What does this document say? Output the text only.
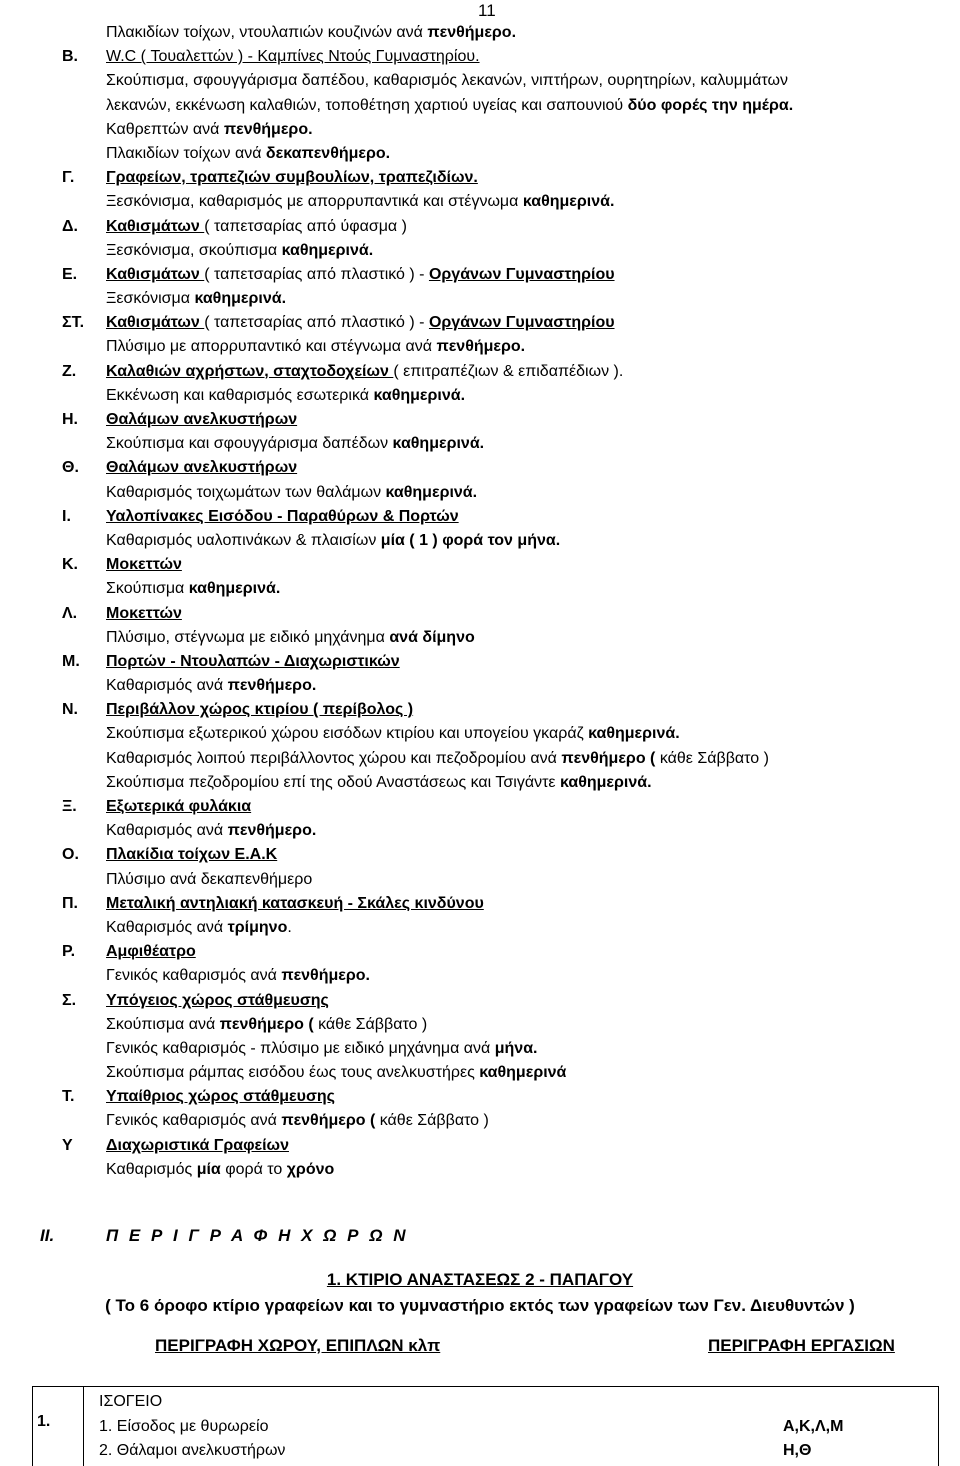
11
Πλακιδίων τοίχων, ντουλαπιών κουζινών ανά πενθήμερο.
Β. W.C ( Τουαλεττών ) - Καμπίνες Ντούς Γυμναστηρίου.
Σκούπισμα, σφουγγάρισμα δαπέδου, καθαρισμός λεκανών, νιπτήρων, ουρητηρίων, καλυμμάτων
λεκανών, εκκένωση καλαθιών, τοποθέτηση χαρτιού υγείας και σαπουνιού δύο φορές την ημέρα.
Καθρεπτών ανά πενθήμερο.
Πλακιδίων τοίχων ανά δεκαπενθήμερο.
Γ. Γραφείων, τραπεζιών συμβουλίων, τραπεζιδίων.
Ξεσκόνισμα, καθαρισμός με απορρυπαντικά και στέγνωμα καθημερινά.
Δ. Καθισμάτων ( ταπετσαρίας από ύφασμα )
Ξεσκόνισμα, σκούπισμα καθημερινά.
Ε. Καθισμάτων ( ταπετσαρίας από πλαστικό ) - Οργάνων Γυμναστηρίου
Ξεσκόνισμα καθημερινά.
ΣΤ. Καθισμάτων ( ταπετσαρίας από πλαστικό ) - Οργάνων Γυμναστηρίου
Πλύσιμο με απορρυπαντικό και στέγνωμα ανά πενθήμερο.
Ζ. Καλαθιών αχρήστων, σταχτοδοχείων ( επιτραπέζιων & επιδαπέδιων ).
Εκκένωση και καθαρισμός εσωτερικά καθημερινά.
Η. Θαλάμων ανελκυστήρων
Σκούπισμα και σφουγγάρισμα δαπέδων καθημερινά.
Θ. Θαλάμων ανελκυστήρων
Καθαρισμός τοιχωμάτων των θαλάμων καθημερινά.
Ι. Υαλοπίνακες Εισόδου - Παραθύρων & Πορτών
Καθαρισμός υαλοπινάκων & πλαισίων μία ( 1 ) φορά τον μήνα.
Κ. Μοκεττών
Σκούπισμα καθημερινά.
Λ. Μοκεττών
Πλύσιμο, στέγνωμα με ειδικό μηχάνημα ανά δίμηνο
Μ. Πορτών - Ντουλαπών - Διαχωριστικών
Καθαρισμός ανά πενθήμερο.
Ν. Περιβάλλον χώρος κτιρίου ( περίβολος )
Σκούπισμα εξωτερικού χώρου εισόδων κτιρίου και υπογείου γκαράζ καθημερινά.
Καθαρισμός λοιπού περιβάλλοντος χώρου και πεζοδρομίου ανά πενθήμερο ( κάθε Σάββατο )
Σκούπισμα πεζοδρομίου επί της οδού Αναστάσεως και Τσιγάντε καθημερινά.
Ξ. Εξωτερικά φυλάκια
Καθαρισμός ανά πενθήμερο.
Ο. Πλακίδια τοίχων Ε.Α.Κ
Πλύσιμο ανά δεκαπενθήμερο
Π. Μεταλική αντηλιακή κατασκευή - Σκάλες κινδύνου
Καθαρισμός ανά τρίμηνο.
Ρ. Αμφιθέατρο
Γενικός καθαρισμός ανά πενθήμερο.
Σ. Υπόγειος χώρος στάθμευσης
Σκούπισμα ανά πενθήμερο ( κάθε Σάββατο )
Γενικός καθαρισμός - πλύσιμο με ειδικό μηχάνημα ανά μήνα.
Σκούπισμα ράμπας εισόδου έως τους ανελκυστήρες καθημερινά
Τ. Υπαίθριος χώρος στάθμευσης
Γενικός καθαρισμός ανά πενθήμερο ( κάθε Σάββατο )
Υ Διαχωριστικά Γραφείων
Καθαρισμός μία φορά το χρόνο
ΙΙ.	Π Ε Ρ Ι Γ Ρ Α Φ Η Χ Ω Ρ Ω Ν
1. ΚΤΙΡΙΟ ΑΝΑΣΤΑΣΕΩΣ 2 - ΠΑΠΑΓΟΥ
( Το 6 όροφο κτίριο γραφείων και το γυμναστήριο εκτός των γραφείων των Γεν. Διευθυντών )
ΠΕΡΙΓΡΑΦΗ ΧΩΡΟΥ, ΕΠΙΠΛΩΝ κλπ	ΠΕΡΙΓΡΑΦΗ ΕΡΓΑΣΙΩΝ
1.
ΙΣΟΓΕΙΟ
1. Είσοδος με θυρωρείο	Α,Κ,Λ,Μ
2. Θάλαμοι ανελκυστήρων	Η,Θ
